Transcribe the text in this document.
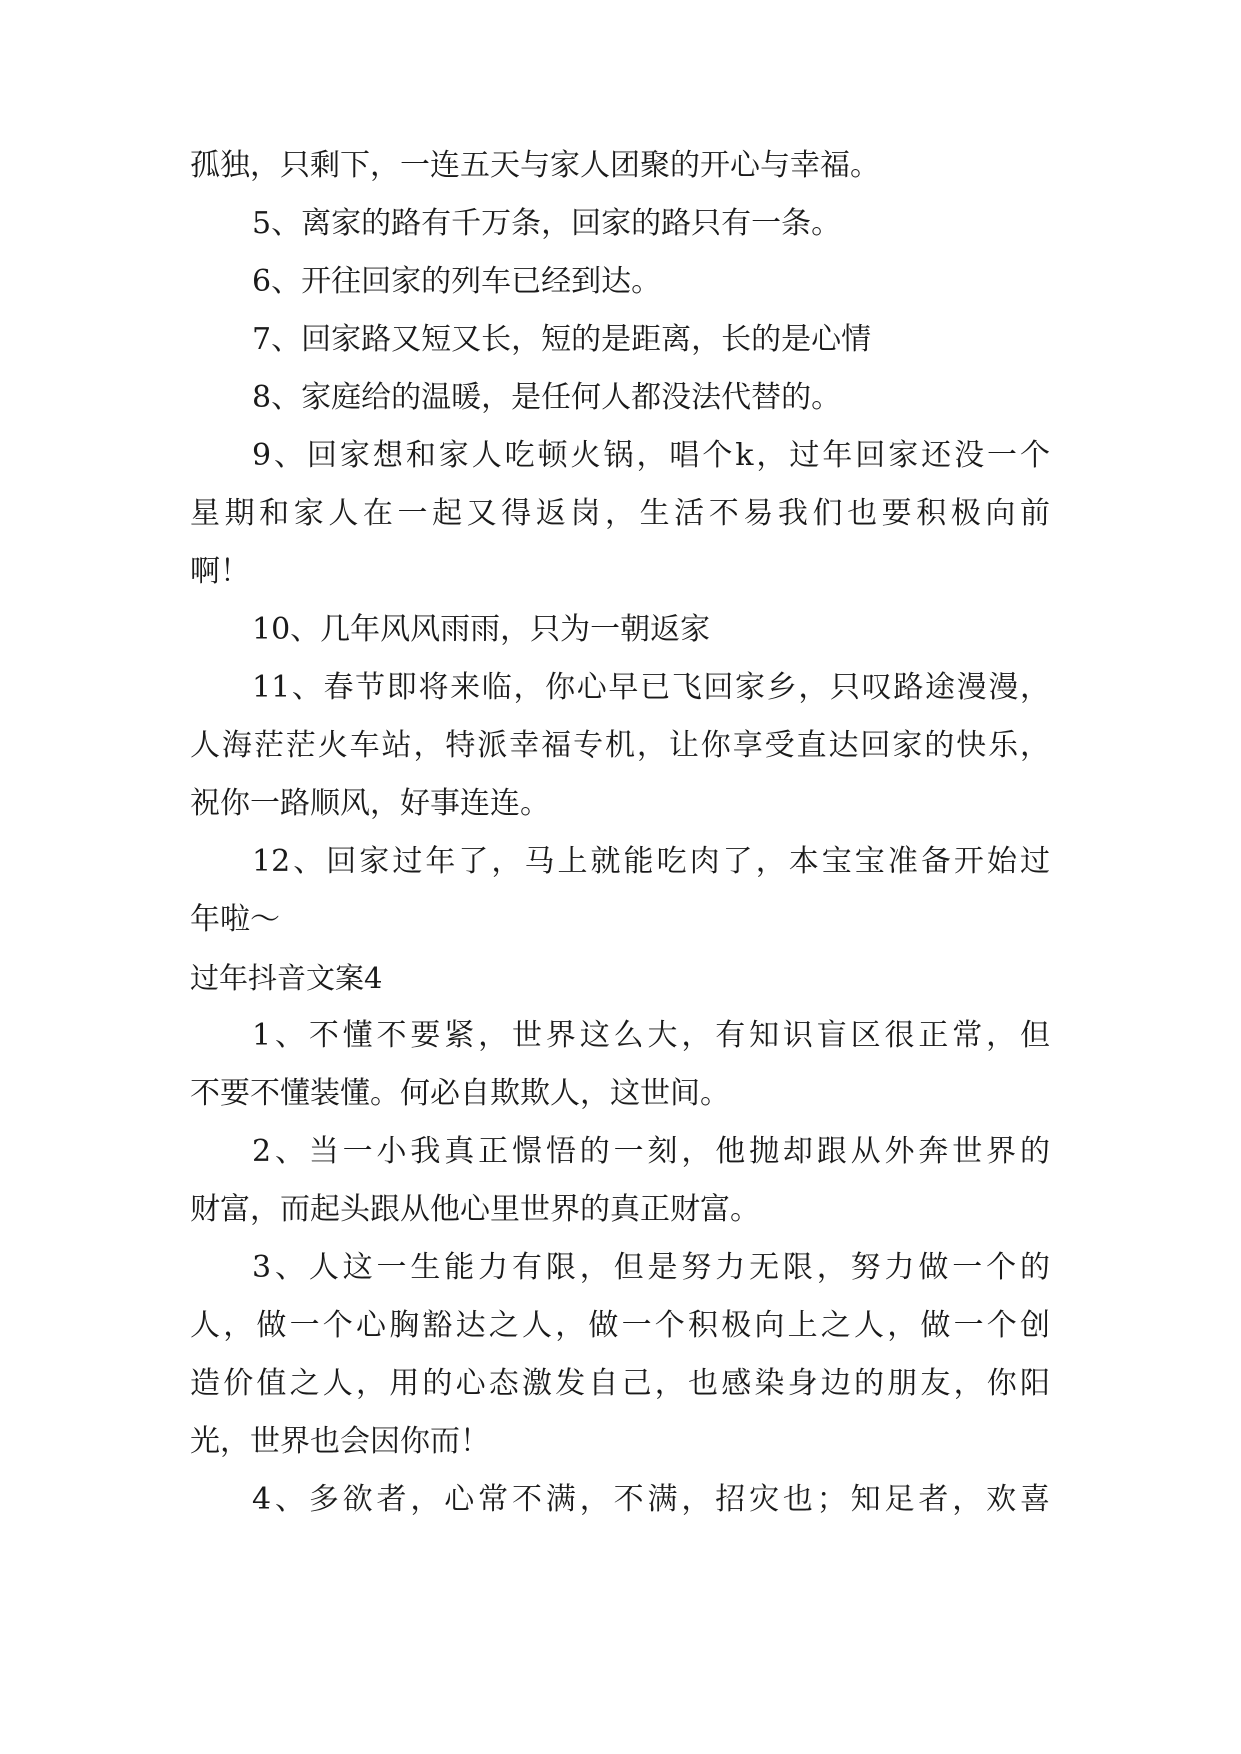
孤独，只剩下，一连五天与家人团聚的开心与幸福。
5、离家的路有千万条，回家的路只有一条。
6、开往回家的列车已经到达。
7、回家路又短又长，短的是距离，长的是心情
8、家庭给的温暖，是任何人都没法代替的。
9、回家想和家人吃顿火锅，唱个k，过年回家还没一个
星期和家人在一起又得返岗，生活不易我们也要积极向前
啊！
10、几年风风雨雨，只为一朝返家
11、春节即将来临，你心早已飞回家乡，只叹路途漫漫，
人海茫茫火车站，特派幸福专机，让你享受直达回家的快乐，
祝你一路顺风，好事连连。
12、回家过年了，马上就能吃肉了，本宝宝准备开始过
年啦～
过年抖音文案4
1、不懂不要紧，世界这么大，有知识盲区很正常，但
不要不懂装懂。何必自欺欺人，这世间。
2、当一小我真正憬悟的一刻，他抛却跟从外奔世界的
财富，而起头跟从他心里世界的真正财富。
3、人这一生能力有限，但是努力无限，努力做一个的
人，做一个心胸豁达之人，做一个积极向上之人，做一个创
造价值之人，用的心态激发自己，也感染身边的朋友，你阳
光，世界也会因你而！
4、多欲者，心常不满，不满，招灾也；知足者，欢喜
